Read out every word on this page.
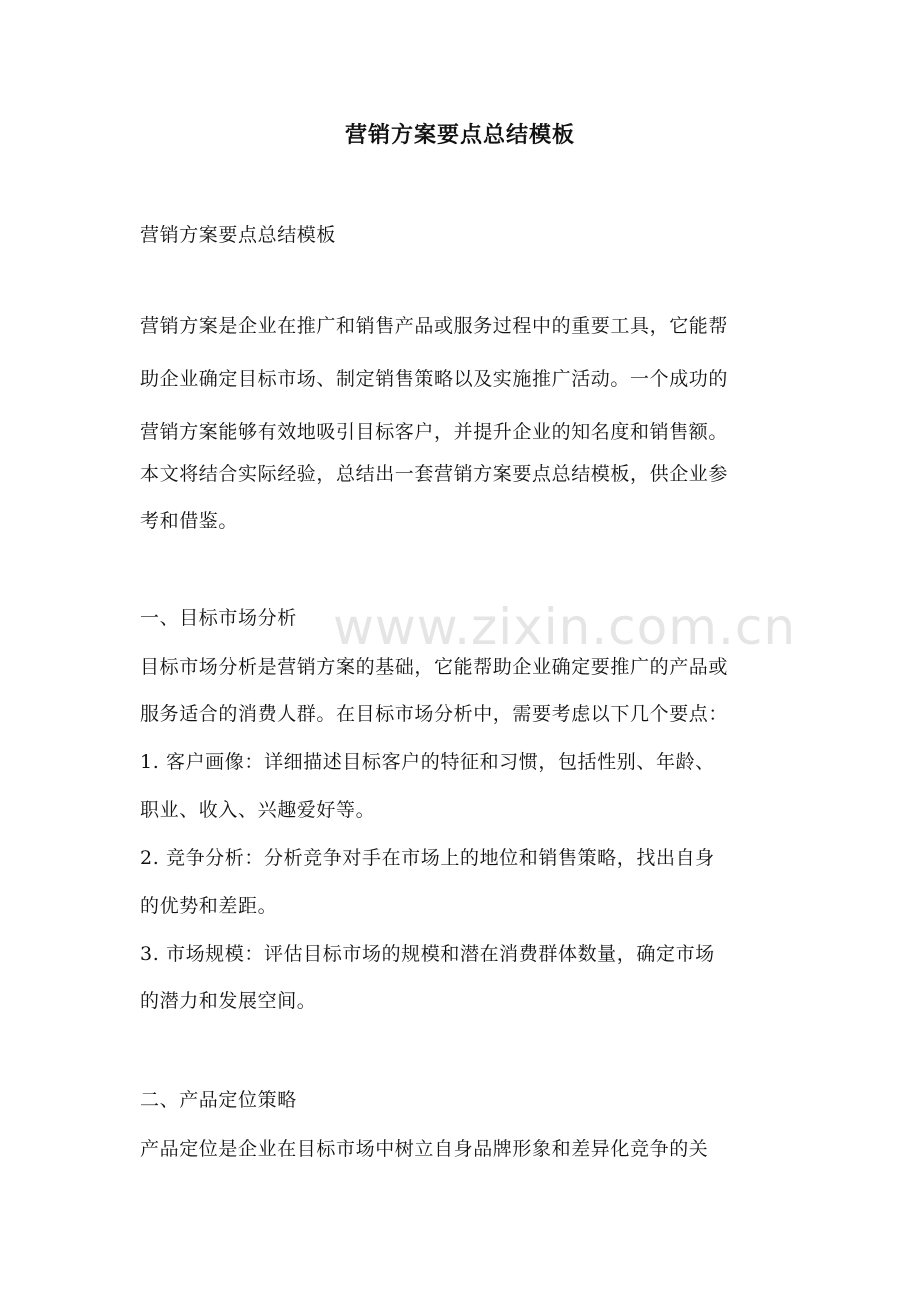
营销方案要点总结模板

营销方案要点总结模板

营销方案是企业在推广和销售产品或服务过程中的重要工具，它能帮

助企业确定目标市场、制定销售策略以及实施推广活动。一个成功的

营销方案能够有效地吸引目标客户，并提升企业的知名度和销售额。

本文将结合实际经验，总结出一套营销方案要点总结模板，供企业参

考和借鉴。

一、目标市场分析

目标市场分析是营销方案的基础，它能帮助企业确定要推广的产品或

服务适合的消费人群。在目标市场分析中，需要考虑以下几个要点：

1. 客户画像：详细描述目标客户的特征和习惯，包括性别、年龄、

职业、收入、兴趣爱好等。

2. 竞争分析：分析竞争对手在市场上的地位和销售策略，找出自身

的优势和差距。

3. 市场规模：评估目标市场的规模和潜在消费群体数量，确定市场

的潜力和发展空间。

二、产品定位策略

产品定位是企业在目标市场中树立自身品牌形象和差异化竞争的关

www.zixin.com.cn
